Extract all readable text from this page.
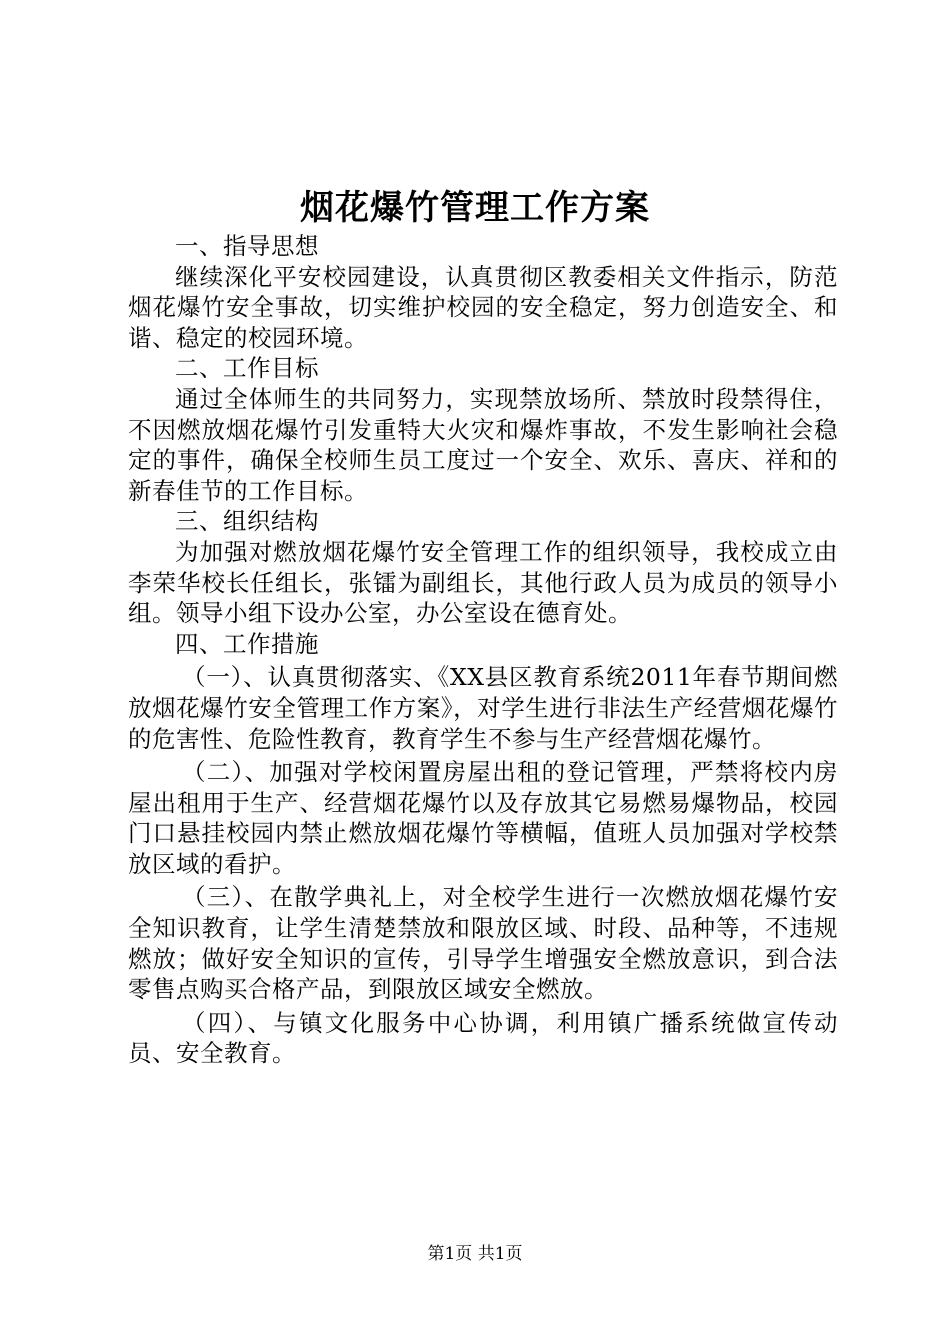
烟花爆竹管理工作方案

一、指导思想

继续深化平安校园建设，认真贯彻区教委相关文件指示，防范烟花爆竹安全事故，切实维护校园的安全稳定，努力创造安全、和谐、稳定的校园环境。

二、工作目标

通过全体师生的共同努力，实现禁放场所、禁放时段禁得住，不因燃放烟花爆竹引发重特大火灾和爆炸事故，不发生影响社会稳定的事件，确保全校师生员工度过一个安全、欢乐、喜庆、祥和的新春佳节的工作目标。

三、组织结构

为加强对燃放烟花爆竹安全管理工作的组织领导，我校成立由李荣华校长任组长，张镭为副组长，其他行政人员为成员的领导小组。领导小组下设办公室，办公室设在德育处。

四、工作措施

（一）、认真贯彻落实、《XX县区教育系统2011年春节期间燃放烟花爆竹安全管理工作方案》，对学生进行非法生产经营烟花爆竹的危害性、危险性教育，教育学生不参与生产经营烟花爆竹。

（二）、加强对学校闲置房屋出租的登记管理，严禁将校内房屋出租用于生产、经营烟花爆竹以及存放其它易燃易爆物品，校园门口悬挂校园内禁止燃放烟花爆竹等横幅，值班人员加强对学校禁放区域的看护。

（三）、在散学典礼上，对全校学生进行一次燃放烟花爆竹安全知识教育，让学生清楚禁放和限放区域、时段、品种等，不违规燃放；做好安全知识的宣传，引导学生增强安全燃放意识，到合法零售点购买合格产品，到限放区域安全燃放。

（四）、与镇文化服务中心协调，利用镇广播系统做宣传动员、安全教育。

第1页 共1页
